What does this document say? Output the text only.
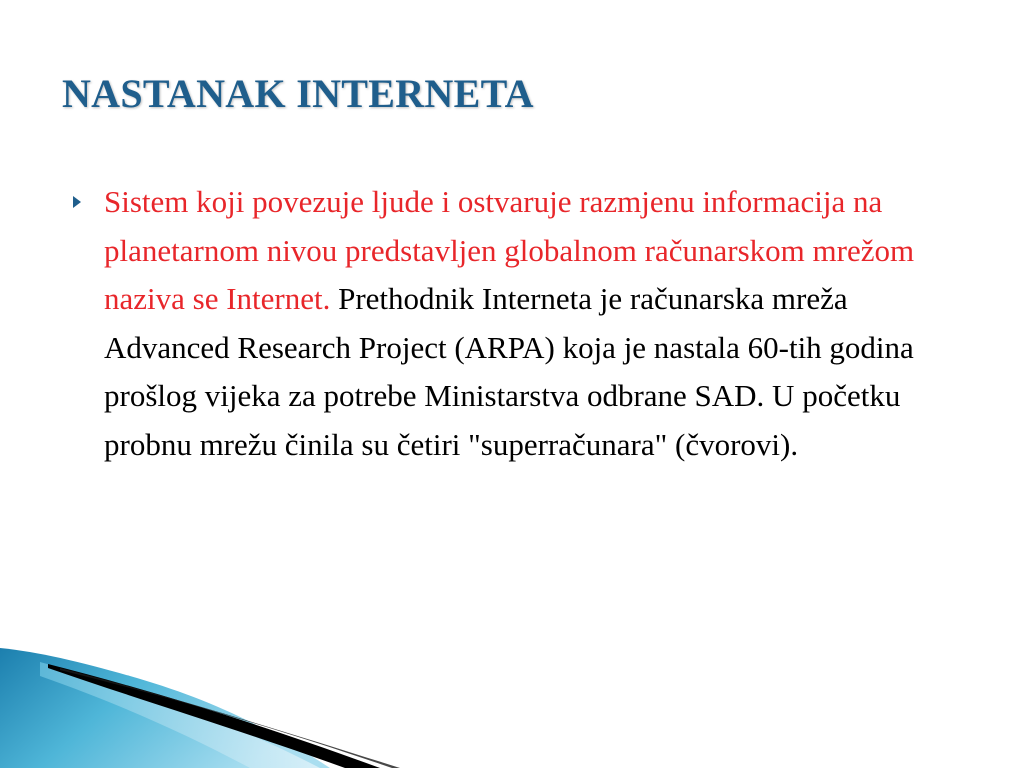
NASTANAK INTERNETA

Sistem koji povezuje ljude i ostvaruje razmjenu informacija na planetarnom nivou predstavljen globalnom računarskom mrežom naziva se Internet. Prethodnik Interneta je računarska mreža Advanced Research Project (ARPA) koja je nastala 60-tih godina prošlog vijeka za potrebe Ministarstva odbrane SAD. U početku probnu mrežu činila su četiri "superračunara" (čvorovi).
